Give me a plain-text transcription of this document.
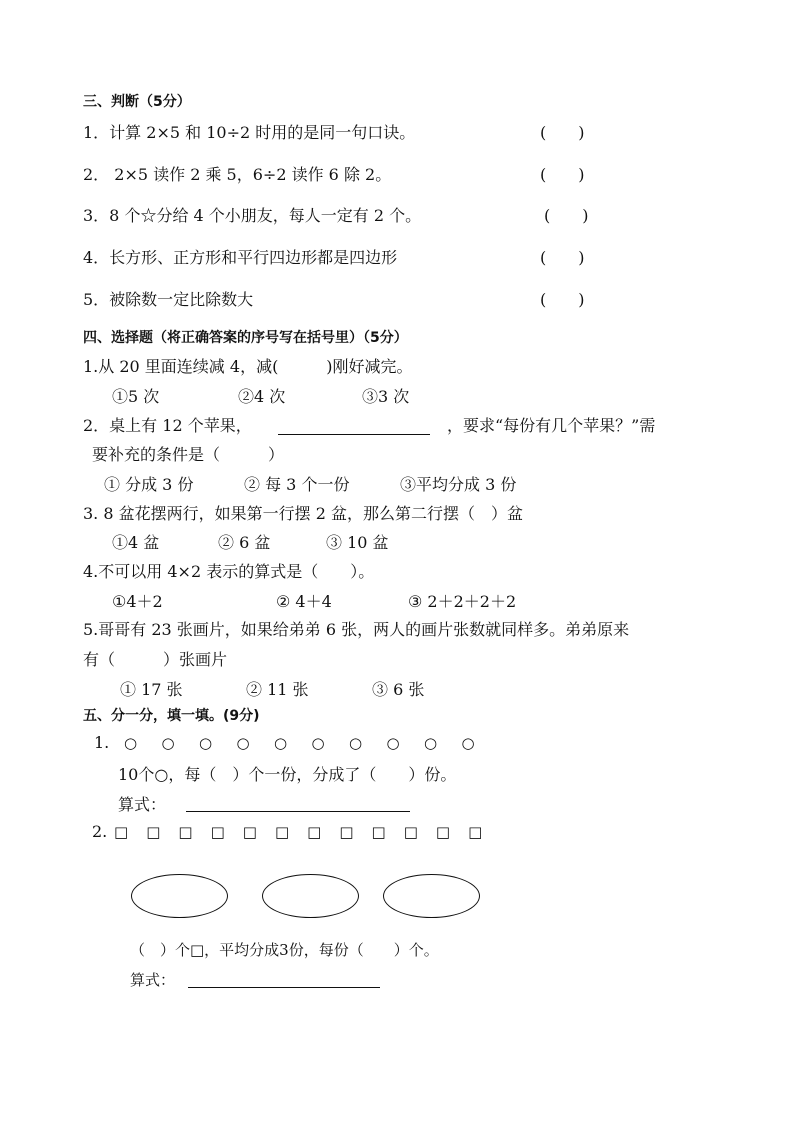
三、判断（5分）
1．计算 2×5 和 10÷2 时用的是同一句口诀。	(　　)
2． 2×5 读作 2 乘 5，6÷2 读作 6 除 2。	(　　)
3．8 个☆分给 4 个小朋友，每人一定有 2 个。	(　　)
4．长方形、正方形和平行四边形都是四边形	(　　)
5．被除数一定比除数大	(　　)
四、选择题（将正确答案的序号写在括号里）（5分）
1.从 20 里面连续减 4，减(　　　)刚好减完。
①5 次	②4 次	③3 次
2．桌上有 12 个苹果，	，要求“每份有几个苹果？”需
要补充的条件是（　　　）
① 分成 3 份	② 每 3 个一份	③平均分成 3 份
3. 8 盆花摆两行，如果第一行摆 2 盆，那么第二行摆（　）盆
①4 盆	② 6 盆	③ 10 盆
4.不可以用 4×2 表示的算式是（　　）。
①4＋2	② 4＋4	③ 2＋2＋2＋2
5.哥哥有 23 张画片，如果给弟弟 6 张，两人的画片张数就同样多。弟弟原来
有（　　　）张画片
① 17 张	② 11 张	③ 6 张
五、分一分，填一填。(9分)
1. ○	○	○	○	○	○	○	○	○	○
10个○，每（　）个一份，分成了（　　）份。
算式：
2. □	□	□	□	□	□	□	□	□	□	□	□
（　）个□，平均分成3份，每份（　　）个。
算式：
